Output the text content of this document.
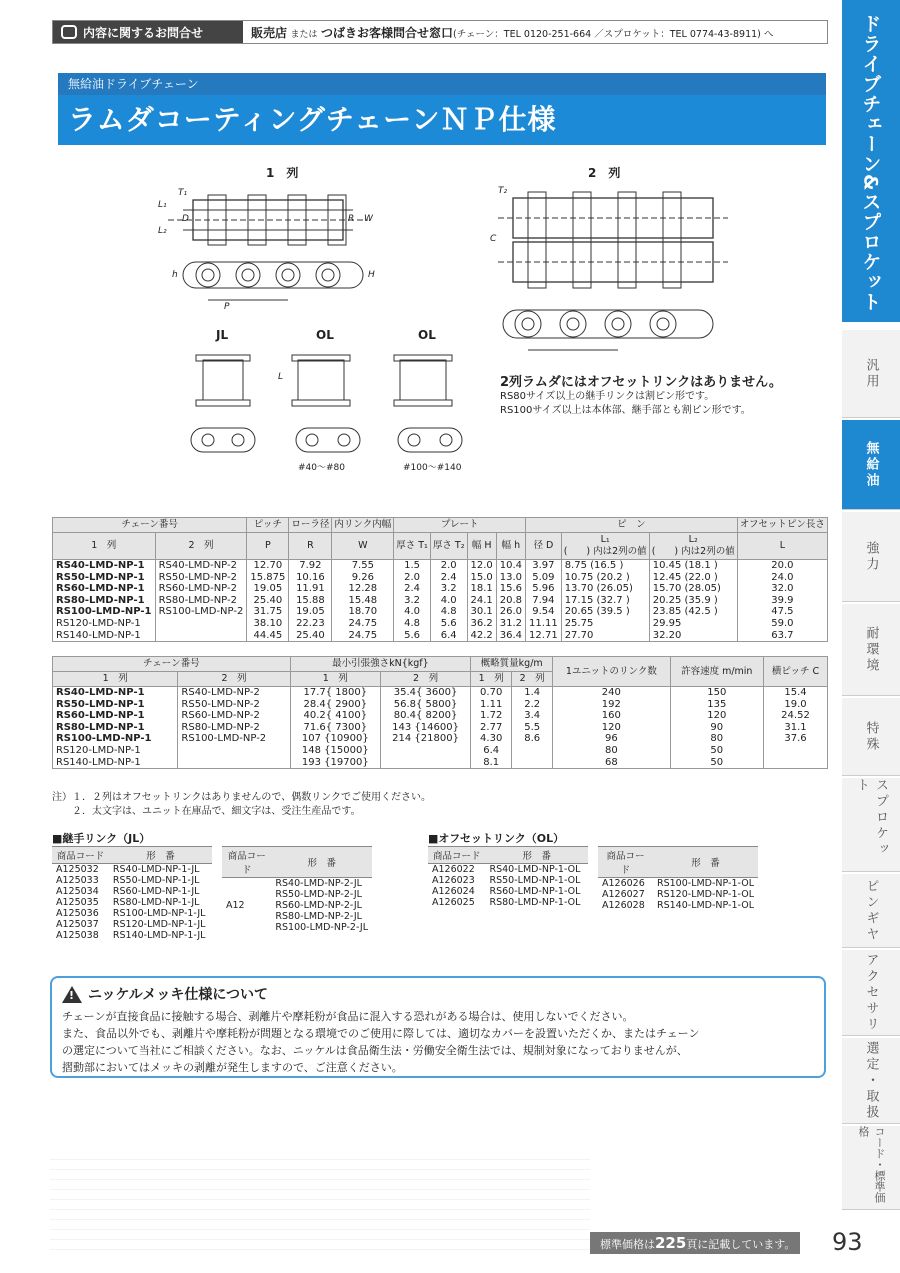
内容に関するお問合せ	販売店 または つばきお客様問合せ窓口(チェーン：TEL 0120-251-664 ／スプロケット：TEL 0774-43-8911) へ	ドライブチェーン&スプロケット
汎用
無給油
強力
耐環境
特殊
スプロケット
ピンギヤ
アクセサリ
選定・取扱
コード・標準価格
無給油ドライブチェーン
ラムダコーティングチェーンＮＰ仕様
1　列	2　列
JL	OL	OL
#40～#80	#100～#140
T₁	T₂
L₁
L₂
D	R W
h	H
P
C
L	2列ラムダにはオフセットリンクはありません。
RS80サイズ以上の継手リンクは割ピン形です。
RS100サイズ以上は本体部、継手部とも割ピン形です。
チェーン番号		ピッチ	ローラ径	内リンク内幅	プレート				ピ　ン			オフセットピン長さ
1　列	2　列	P	R	W	厚さ T₁	厚さ T₂	幅 H	幅 h	径 D	L₁
(　　) 内は2列の値	L₂
(　　) 内は2列の値	L
RS40-LMD-NP-1	RS40-LMD-NP-2	12.70	7.92	7.55	1.5	2.0	12.0	10.4	3.97	8.75 (16.5 )	10.45 (18.1 )	20.0
RS50-LMD-NP-1	RS50-LMD-NP-2	15.875	10.16	9.26	2.0	2.4	15.0	13.0	5.09	10.75 (20.2 )	12.45 (22.0 )	24.0
RS60-LMD-NP-1	RS60-LMD-NP-2	19.05	11.91	12.28	2.4	3.2	18.1	15.6	5.96	13.70 (26.05)	15.70 (28.05)	32.0
RS80-LMD-NP-1	RS80-LMD-NP-2	25.40	15.88	15.48	3.2	4.0	24.1	20.8	7.94	17.15 (32.7 )	20.25 (35.9 )	39.9
RS100-LMD-NP-1	RS100-LMD-NP-2	31.75	19.05	18.70	4.0	4.8	30.1	26.0	9.54	20.65 (39.5 )	23.85 (42.5 )	47.5
RS120-LMD-NP-1		38.10	22.23	24.75	4.8	5.6	36.2	31.2	11.11	25.75	29.95	59.0
RS140-LMD-NP-1		44.45	25.40	24.75	5.6	6.4	42.2	36.4	12.71	27.70	32.20	63.7
チェーン番号		最小引張強さkN{kgf}		概略質量kg/m		1ユニットのリンク数	許容速度 m/min	横ピッチ C
1　列	2　列	1　列	2　列	1　列	2　列			
RS40-LMD-NP-1	RS40-LMD-NP-2	17.7{ 1800}	35.4{ 3600}	0.70	1.4	240	150	15.4
RS50-LMD-NP-1	RS50-LMD-NP-2	28.4{ 2900}	56.8{ 5800}	1.11	2.2	192	135	19.0
RS60-LMD-NP-1	RS60-LMD-NP-2	40.2{ 4100}	80.4{ 8200}	1.72	3.4	160	120	24.52
RS80-LMD-NP-1	RS80-LMD-NP-2	71.6{ 7300}	143 {14600}	2.77	5.5	120	90	31.1
RS100-LMD-NP-1	RS100-LMD-NP-2	107 {10900}	214 {21800}	4.30	8.6	96	80	37.6
RS120-LMD-NP-1		148 {15000}		6.4		80	50	
RS140-LMD-NP-1		193 {19700}		8.1		68	50	
注）１．２列はオフセットリンクはありませんので、偶数リンクでご使用ください。
　　２．太文字は、ユニット在庫品で、細文字は、受注生産品です。
■継手リンク（JL）
商品コード	形　番
A125032	RS40-LMD-NP-1-JL
A125033	RS50-LMD-NP-1-JL
A125034	RS60-LMD-NP-1-JL
A125035	RS80-LMD-NP-1-JL
A125036	RS100-LMD-NP-1-JL
A125037	RS120-LMD-NP-1-JL
A125038	RS140-LMD-NP-1-JL
商品コード	形　番
	RS40-LMD-NP-2-JL
	RS50-LMD-NP-2-JL
A12	RS60-LMD-NP-2-JL
	RS80-LMD-NP-2-JL
	RS100-LMD-NP-2-JL
■オフセットリンク（OL）
商品コード	形　番
A126022	RS40-LMD-NP-1-OL
A126023	RS50-LMD-NP-1-OL
A126024	RS60-LMD-NP-1-OL
A126025	RS80-LMD-NP-1-OL
商品コード	形　番
A126026	RS100-LMD-NP-1-OL
A126027	RS120-LMD-NP-1-OL
A126028	RS140-LMD-NP-1-OL
!
ニッケルメッキ仕様について
チェーンが直接食品に接触する場合、剥離片や摩耗粉が食品に混入する恐れがある場合は、使用しないでください。
また、食品以外でも、剥離片や摩耗粉が問題となる環境でのご使用に際しては、適切なカバーを設置いただくか、またはチェーン
の選定について当社にご相談ください。なお、ニッケルは食品衛生法・労働安全衛生法では、規制対象になっておりませんが、
摺動部においてはメッキの剥離が発生しますので、ご注意ください。
標準価格は225頁に記載しています。 93
